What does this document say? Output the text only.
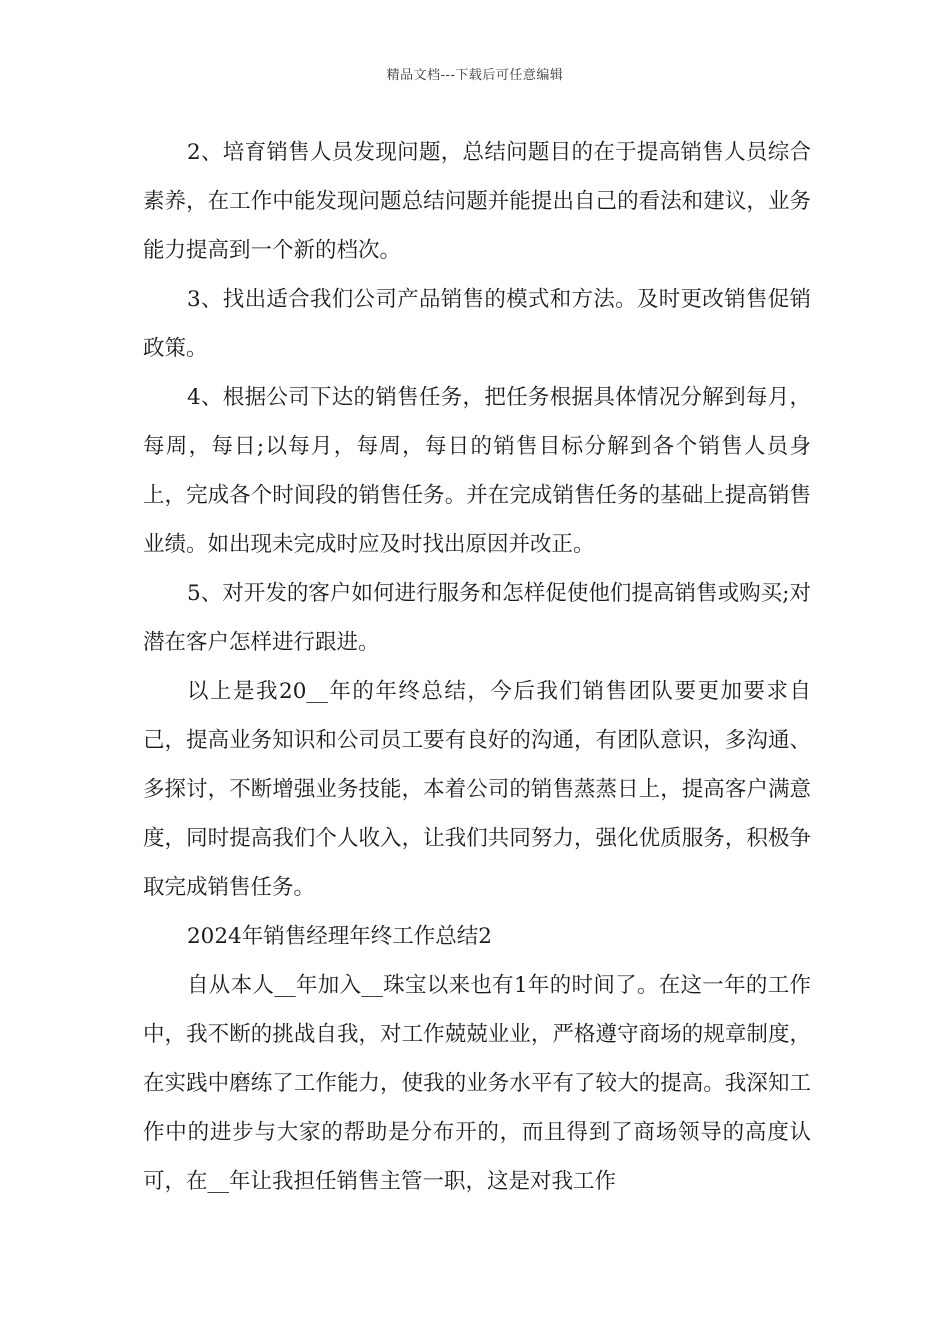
精品文档---下载后可任意编辑

2、培育销售人员发现问题，总结问题目的在于提高销售人员综合素养，在工作中能发现问题总结问题并能提出自己的看法和建议，业务能力提高到一个新的档次。

3、找出适合我们公司产品销售的模式和方法。及时更改销售促销政策。

4、根据公司下达的销售任务，把任务根据具体情况分解到每月，每周，每日;以每月，每周，每日的销售目标分解到各个销售人员身上，完成各个时间段的销售任务。并在完成销售任务的基础上提高销售业绩。如出现未完成时应及时找出原因并改正。

5、对开发的客户如何进行服务和怎样促使他们提高销售或购买;对潜在客户怎样进行跟进。

以上是我20__年的年终总结，今后我们销售团队要更加要求自己，提高业务知识和公司员工要有良好的沟通，有团队意识，多沟通、多探讨，不断增强业务技能，本着公司的销售蒸蒸日上，提高客户满意度，同时提高我们个人收入，让我们共同努力，强化优质服务，积极争取完成销售任务。

2024年销售经理年终工作总结2

自从本人__年加入__珠宝以来也有1年的时间了。在这一年的工作中，我不断的挑战自我，对工作兢兢业业，严格遵守商场的规章制度，在实践中磨练了工作能力，使我的业务水平有了较大的提高。我深知工作中的进步与大家的帮助是分布开的，而且得到了商场领导的高度认可，在__年让我担任销售主管一职，这是对我工作
